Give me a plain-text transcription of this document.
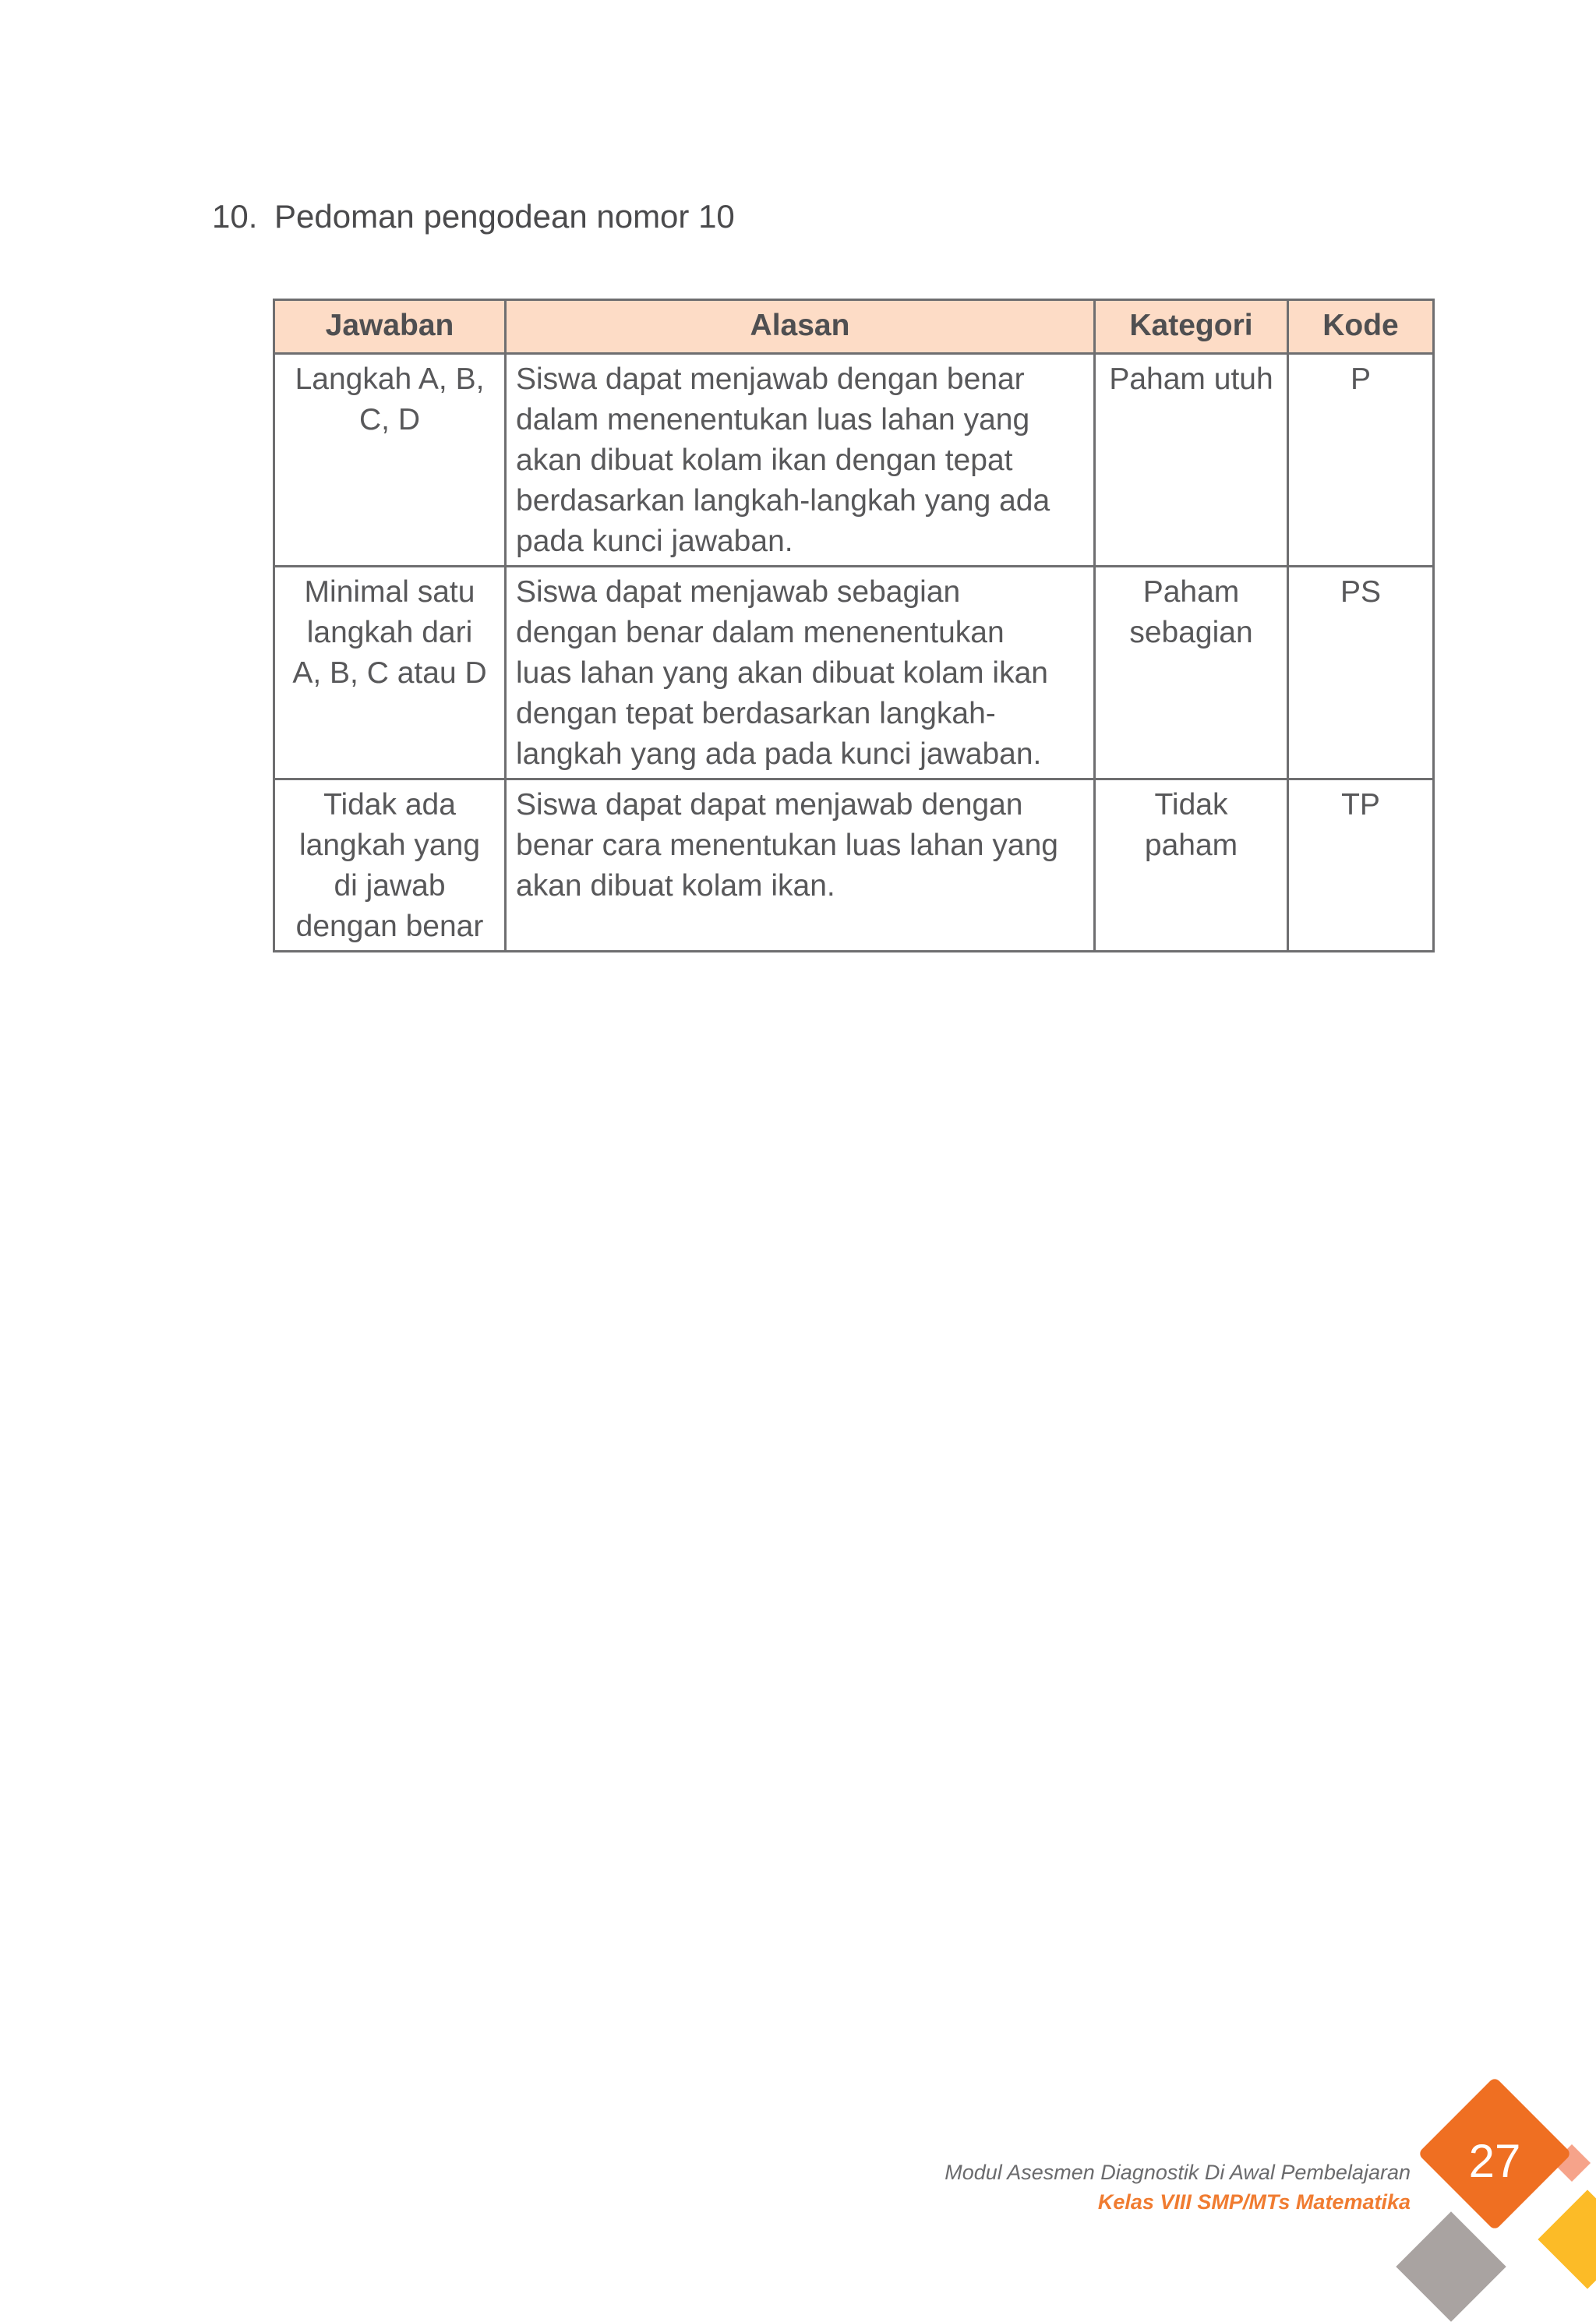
10. Pedoman pengodean nomor 10
Jawaban	Alasan	Kategori	Kode
Langkah A, B,
C, D	Siswa dapat menjawab dengan benar
dalam menenentukan luas lahan yang
akan dibuat kolam ikan dengan tepat
berdasarkan langkah-langkah yang ada
pada kunci jawaban.	Paham utuh	P
Minimal satu
langkah dari
A, B, C atau D	Siswa dapat menjawab sebagian
dengan benar dalam menenentukan
luas lahan yang akan dibuat kolam ikan
dengan tepat berdasarkan langkah-
langkah yang ada pada kunci jawaban.	Paham
sebagian	PS
Tidak ada
langkah yang
di jawab
dengan benar	Siswa dapat dapat menjawab dengan
benar cara menentukan luas lahan yang
akan dibuat kolam ikan.	Tidak
paham	TP
Modul Asesmen Diagnostik Di Awal Pembelajaran
Kelas VIII SMP/MTs Matematika
27
